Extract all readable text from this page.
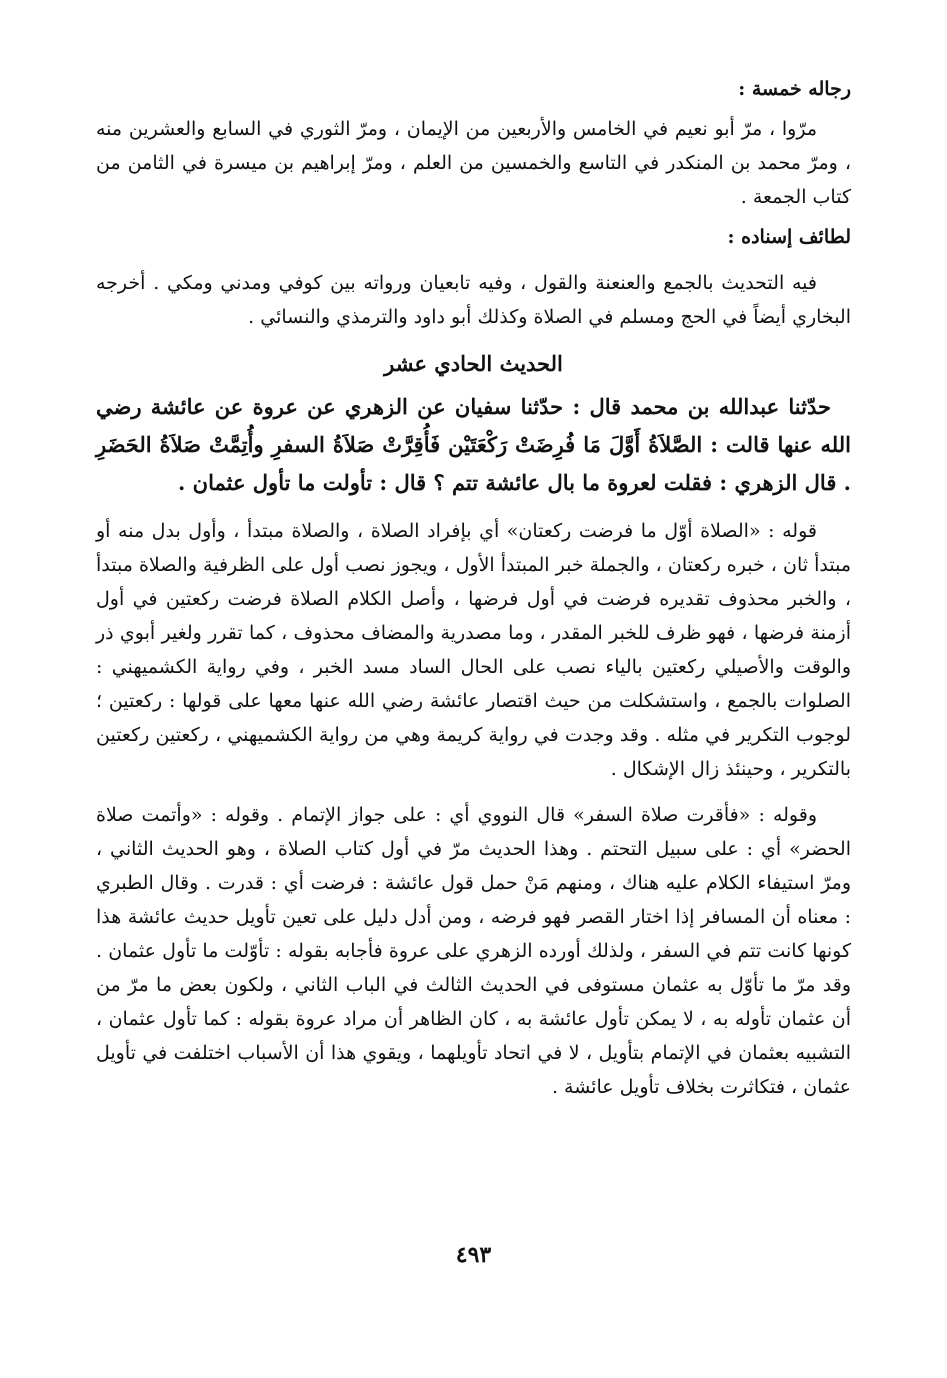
رجاله خمسة :

مرّوا ، مرّ أبو نعيم في الخامس والأربعين من الإيمان ، ومرّ الثوري في السابع والعشرين منه ، ومرّ محمد بن المنكدر في التاسع والخمسين من العلم ، ومرّ إبراهيم بن ميسرة في الثامن من كتاب الجمعة .

لطائف إسناده :

فيه التحديث بالجمع والعنعنة والقول ، وفيه تابعيان ورواته بين كوفي ومدني ومكي . أخرجه البخاري أيضاً في الحج ومسلم في الصلاة وكذلك أبو داود والترمذي والنسائي .

الحديث الحادي عشر

حدّثنا عبدالله بن محمد قال : حدّثنا سفيان عن الزهري عن عروة عن عائشة رضي الله عنها قالت : الصَّلاَةُ أَوَّلَ مَا فُرِضَتْ رَكْعَتَيْن فَأُقِرَّتْ صَلاَةُ السفرِ وأُتِمَّتْ صَلاَةُ الحَضَرِ . قال الزهري : فقلت لعروة ما بال عائشة تتم ؟ قال : تأولت ما تأول عثمان .

قوله : «الصلاة أوّل ما فرضت ركعتان» أي بإفراد الصلاة ، والصلاة مبتدأ ، وأول بدل منه أو مبتدأ ثان ، خبره ركعتان ، والجملة خبر المبتدأ الأول ، ويجوز نصب أول على الظرفية والصلاة مبتدأ ، والخبر محذوف تقديره فرضت في أول فرضها ، وأصل الكلام الصلاة فرضت ركعتين في أول أزمنة فرضها ، فهو ظرف للخبر المقدر ، وما مصدرية والمضاف محذوف ، كما تقرر ولغير أبوي ذر والوقت والأصيلي ركعتين بالياء نصب على الحال الساد مسد الخبر ، وفي رواية الكشميهني : الصلوات بالجمع ، واستشكلت من حيث اقتصار عائشة رضي الله عنها معها على قولها : ركعتين ؛ لوجوب التكرير في مثله . وقد وجدت في رواية كريمة وهي من رواية الكشميهني ، ركعتين ركعتين بالتكرير ، وحينئذ زال الإشكال .

وقوله : «فأقرت صلاة السفر» قال النووي أي : على جواز الإتمام . وقوله : «وأتمت صلاة الحضر» أي : على سبيل التحتم . وهذا الحديث مرّ في أول كتاب الصلاة ، وهو الحديث الثاني ، ومرّ استيفاء الكلام عليه هناك ، ومنهم مَنْ حمل قول عائشة : فرضت أي : قدرت . وقال الطبري : معناه أن المسافر إذا اختار القصر فهو فرضه ، ومن أدل دليل على تعين تأويل حديث عائشة هذا كونها كانت تتم في السفر ، ولذلك أورده الزهري على عروة فأجابه بقوله : تأوّلت ما تأول عثمان . وقد مرّ ما تأوّل به عثمان مستوفى في الحديث الثالث في الباب الثاني ، ولكون بعض ما مرّ من أن عثمان تأوله به ، لا يمكن تأول عائشة به ، كان الظاهر أن مراد عروة بقوله : كما تأول عثمان ، التشبيه بعثمان في الإتمام بتأويل ، لا في اتحاد تأويلهما ، ويقوي هذا أن الأسباب اختلفت في تأويل عثمان ، فتكاثرت بخلاف تأويل عائشة .

٤٩٣
